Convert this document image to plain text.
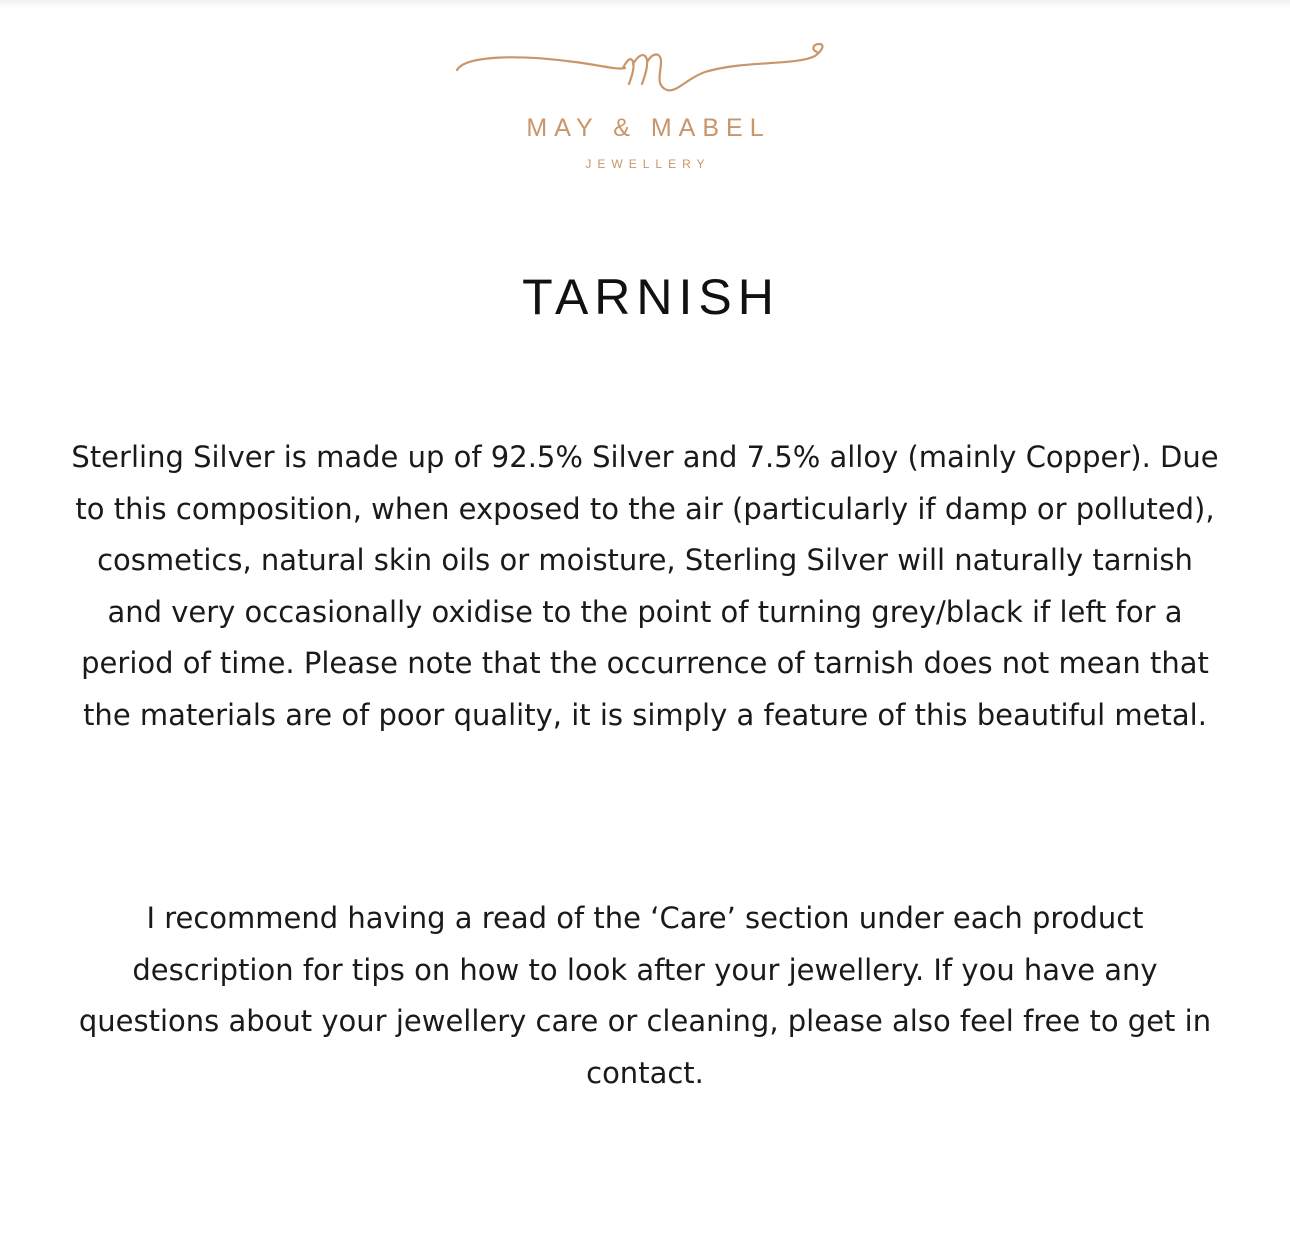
MAY & MABEL
JEWELLERY
TARNISH

Sterling Silver is made up of 92.5% Silver and 7.5% alloy (mainly Copper). Due to this composition, when exposed to the air (particularly if damp or polluted), cosmetics, natural skin oils or moisture, Sterling Silver will naturally tarnish and very occasionally oxidise to the point of turning grey/black if left for a period of time. Please note that the occurrence of tarnish does not mean that the materials are of poor quality, it is simply a feature of this beautiful metal.

I recommend having a read of the ‘Care’ section under each product description for tips on how to look after your jewellery. If you have any questions about your jewellery care or cleaning, please also feel free to get in contact.
